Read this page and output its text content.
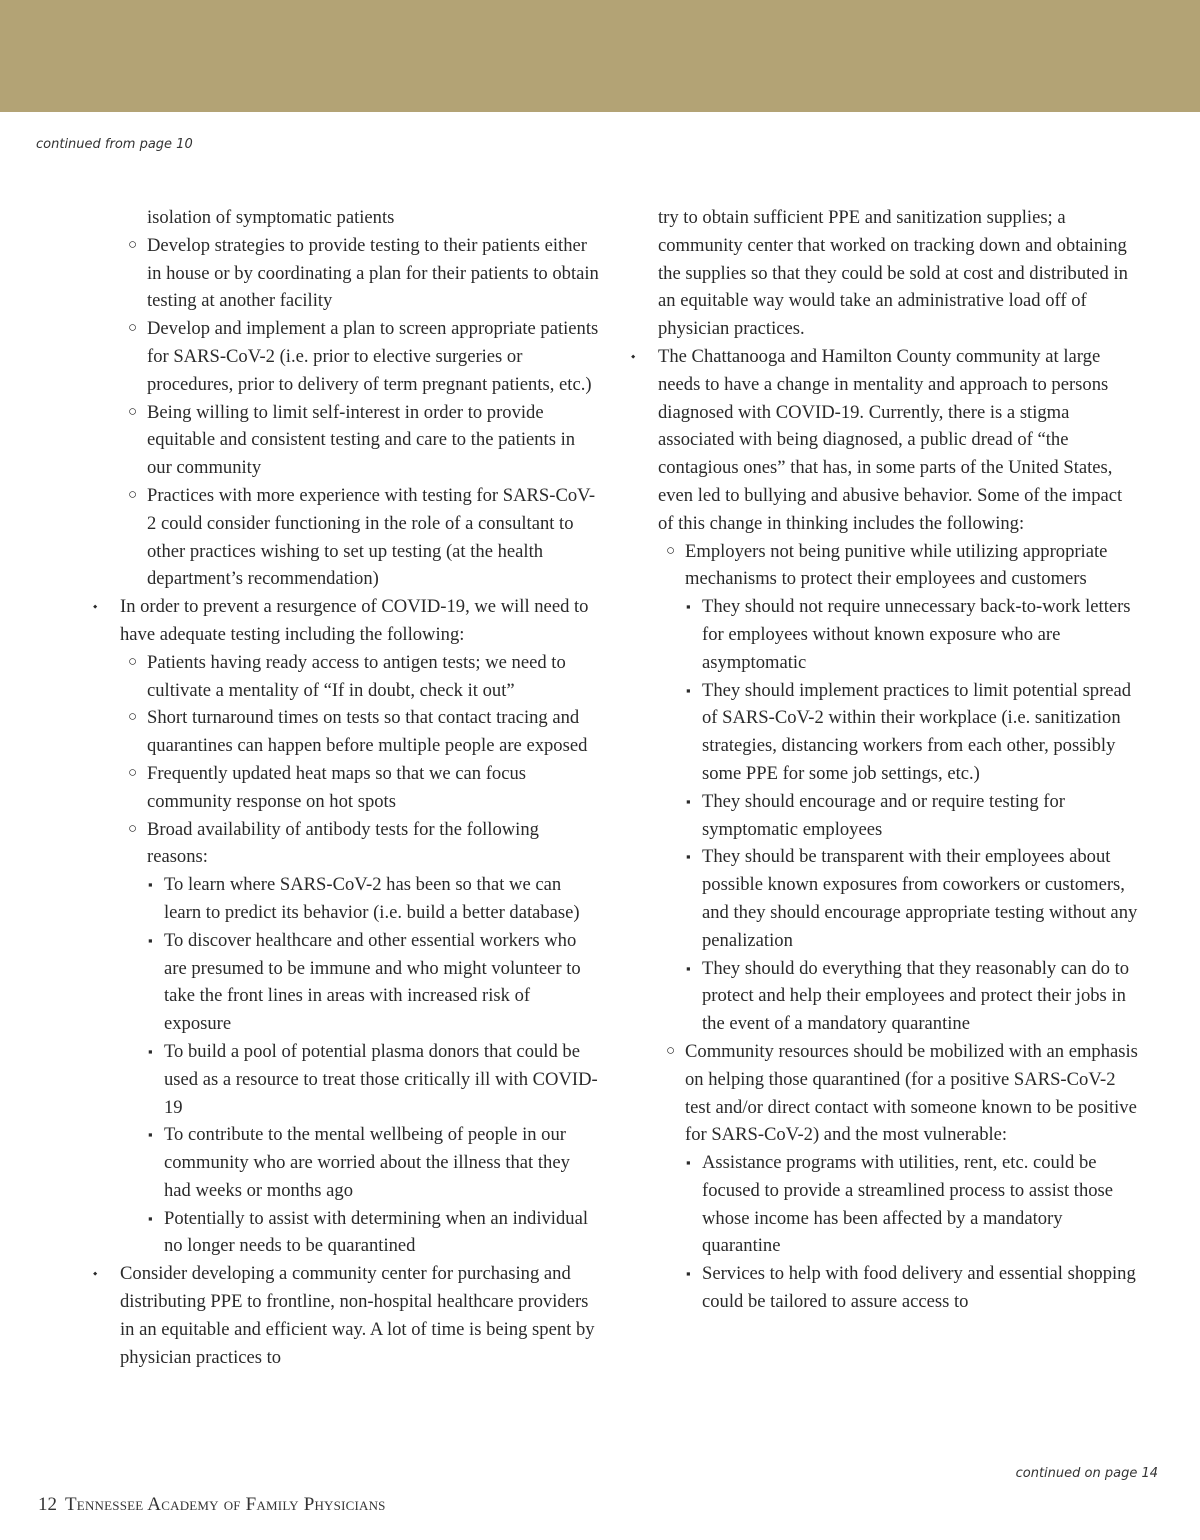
continued from page 10
isolation of symptomatic patients
○ Develop strategies to provide testing to their patients either in house or by coordinating a plan for their patients to obtain testing at another facility
○ Develop and implement a plan to screen appropriate patients for SARS-CoV-2 (i.e. prior to elective surgeries or procedures, prior to delivery of term pregnant patients, etc.)
○ Being willing to limit self-interest in order to provide equitable and consistent testing and care to the patients in our community
○ Practices with more experience with testing for SARS-CoV-2 could consider functioning in the role of a consultant to other practices wishing to set up testing (at the health department’s recommendation)
⬩ In order to prevent a resurgence of COVID-19, we will need to have adequate testing including the following:
○ Patients having ready access to antigen tests; we need to cultivate a mentality of “If in doubt, check it out”
○ Short turnaround times on tests so that contact tracing and quarantines can happen before multiple people are exposed
○ Frequently updated heat maps so that we can focus community response on hot spots
○ Broad availability of antibody tests for the following reasons:
▪ To learn where SARS-CoV-2 has been so that we can learn to predict its behavior (i.e. build a better database)
▪ To discover healthcare and other essential workers who are presumed to be immune and who might volunteer to take the front lines in areas with increased risk of exposure
▪ To build a pool of potential plasma donors that could be used as a resource to treat those critically ill with COVID-19
▪ To contribute to the mental wellbeing of people in our community who are worried about the illness that they had weeks or months ago
▪ Potentially to assist with determining when an individual no longer needs to be quarantined
⬩ Consider developing a community center for purchasing and distributing PPE to frontline, non-hospital healthcare providers in an equitable and efficient way. A lot of time is being spent by physician practices to
try to obtain sufficient PPE and sanitization supplies; a community center that worked on tracking down and obtaining the supplies so that they could be sold at cost and distributed in an equitable way would take an administrative load off of physician practices.
⬩ The Chattanooga and Hamilton County community at large needs to have a change in mentality and approach to persons diagnosed with COVID-19. Currently, there is a stigma associated with being diagnosed, a public dread of “the contagious ones” that has, in some parts of the United States, even led to bullying and abusive behavior. Some of the impact of this change in thinking includes the following:
○ Employers not being punitive while utilizing appropriate mechanisms to protect their employees and customers
▪ They should not require unnecessary back-to-work letters for employees without known exposure who are asymptomatic
▪ They should implement practices to limit potential spread of SARS-CoV-2 within their workplace (i.e. sanitization strategies, distancing workers from each other, possibly some PPE for some job settings, etc.)
▪ They should encourage and or require testing for symptomatic employees
▪ They should be transparent with their employees about possible known exposures from coworkers or customers, and they should encourage appropriate testing without any penalization
▪ They should do everything that they reasonably can do to protect and help their employees and protect their jobs in the event of a mandatory quarantine
○ Community resources should be mobilized with an emphasis on helping those quarantined (for a positive SARS-CoV-2 test and/or direct contact with someone known to be positive for SARS-CoV-2) and the most vulnerable:
▪ Assistance programs with utilities, rent, etc. could be focused to provide a streamlined process to assist those whose income has been affected by a mandatory quarantine
▪ Services to help with food delivery and essential shopping could be tailored to assure access to
continued on page 14
12 Tennessee Academy of Family Physicians
